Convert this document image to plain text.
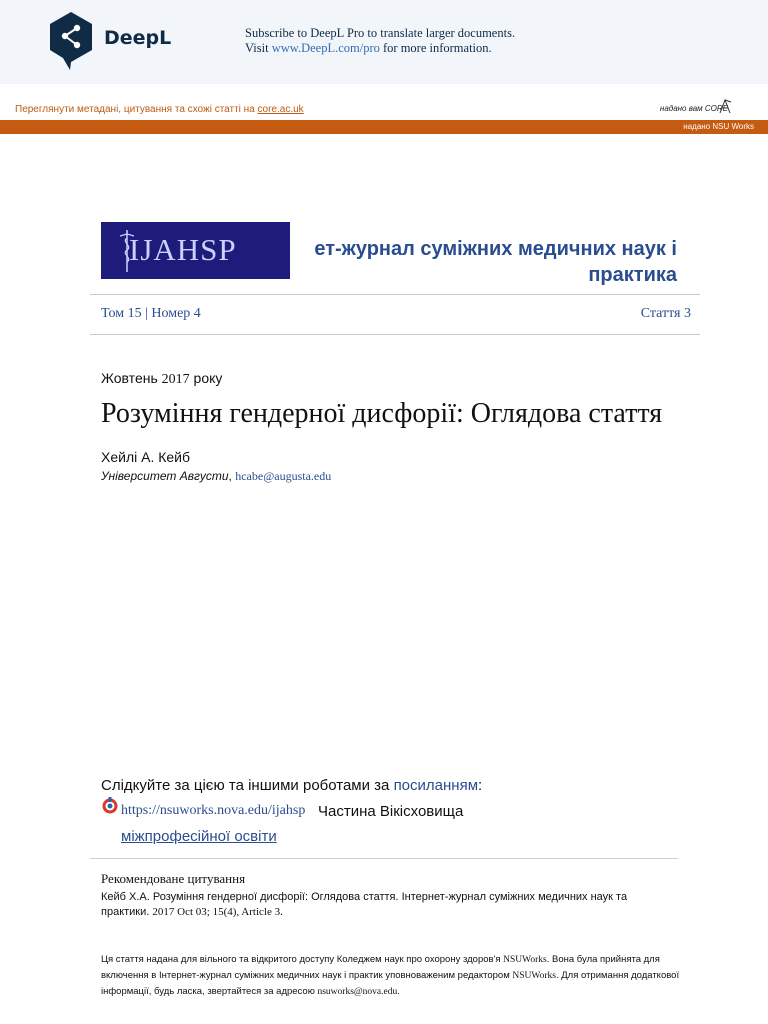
DeepL	Subscribe to DeepL Pro to translate larger documents.
Visit www.DeepL.com/pro for more information.
Переглянути метадані, цитування та схожі статті на core.ac.uk	надано вам CORE
надано NSU Works
IJAHSP	ет-журнал суміжних медичних наук і практика
Том 15 | Номер 4	Стаття 3
Жовтень 2017 року
Розуміння гендерної дисфорії: Оглядова стаття
Хейлі А. Кейб
Університет Августи, hcabe@augusta.edu
Слідкуйте за цією та іншими роботами за посиланням:
https://nsuworks.nova.edu/ijahsp Частина Вікісховища
міжпрофесійної освіти
Рекомендоване цитування
Кейб Х.А. Розуміння гендерної дисфорії: Оглядова стаття. Інтернет-журнал суміжних медичних наук та практики. 2017 Oct 03; 15(4), Article 3.
Ця стаття надана для вільного та відкритого доступу Коледжем наук про охорону здоров'я NSUWorks. Вона була прийнята для включення в Інтернет-журнал суміжних медичних наук і практик уповноваженим редактором NSUWorks. Для отримання додаткової інформації, будь ласка, звертайтеся за адресою nsuworks@nova.edu.
